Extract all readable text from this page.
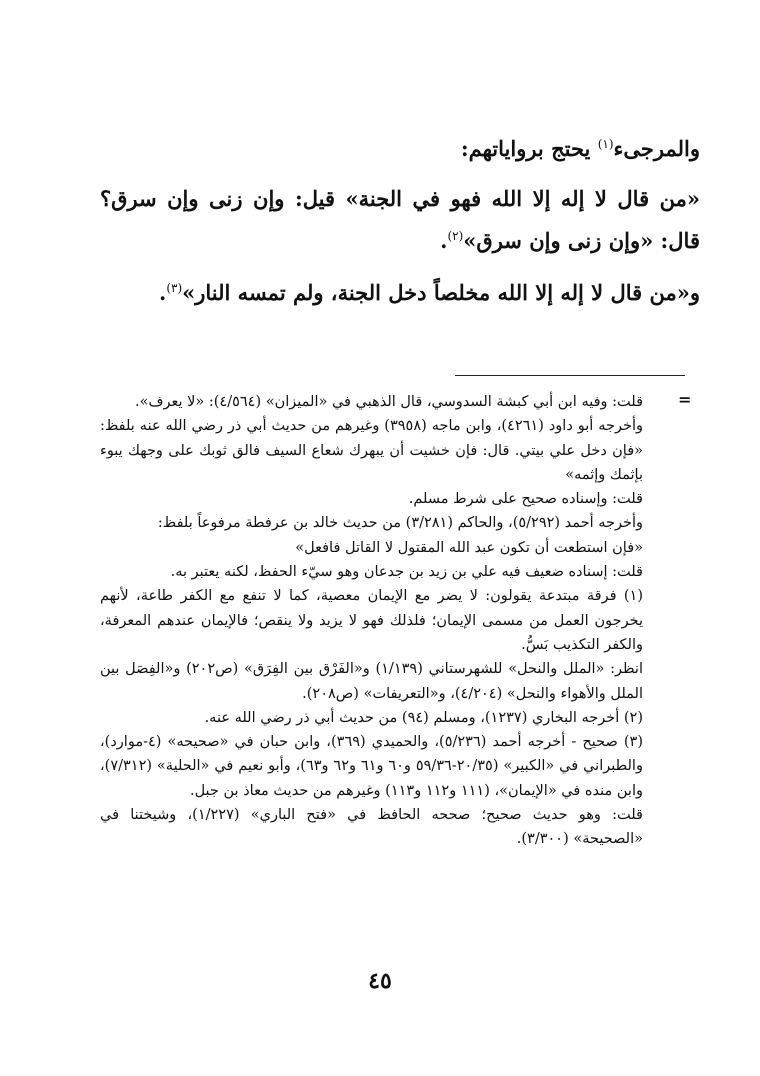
والمرجىء$^{(١)}$ يحتج برواياتهم:

«من قال لا إله إلا الله فهو في الجنة» قيل: وإن زنى وإن سرق؟ قال: «وإن زنى وإن سرق»$^{(٢)}$.

و«من قال لا إله إلا الله مخلصاً دخل الجنة، ولم تمسه النار»$^{(٣)}$.

=

قلت: وفيه ابن أبي كبشة السدوسي، قال الذهبي في «الميزان» (٤/٥٦٤): «لا يعرف».

وأخرجه أبو داود (٤٢٦١)، وابن ماجه (٣٩٥٨) وغيرهم من حديث أبي ذر رضي الله عنه بلفظ: «فإن دخل علي بيتي. قال: فإن خشيت أن يبهرك شعاع السيف فالق ثوبك على وجهك يبوء بإثمك وإثمه»

قلت: وإسناده صحيح على شرط مسلم.

وأخرجه أحمد (٥/٢٩٢)، والحاكم (٣/٢٨١) من حديث خالد بن عرفطة مرفوعاً بلفظ:

«فإن استطعت أن تكون عبد الله المقتول لا القاتل فافعل»

قلت: إسناده ضعيف فيه علي بن زيد بن جدعان وهو سيّء الحفظ، لكنه يعتبر به.

(١) فرقة مبتدعة يقولون: لا يضر مع الإيمان معصية، كما لا تنفع مع الكفر طاعة، لأنهم يخرجون العمل من مسمى الإيمان؛ فلذلك فهو لا يزيد ولا ينقص؛ فالإيمان عندهم المعرفة، والكفر التكذيب بَسُّ.

انظر: «الملل والنحل» للشهرستاني (١/١٣٩) و«الفَرْق بين الفِرَق» (ص٢٠٢) و«الفِصَل بين الملل والأهواء والنحل» (٤/٢٠٤)، و«التعريفات» (ص٢٠٨).

(٢) أخرجه البخاري (١٢٣٧)، ومسلم (٩٤) من حديث أبي ذر رضي الله عنه.

(٣) صحيح - أخرجه أحمد (٥/٢٣٦)، والحميدي (٣٦٩)، وابن حبان في «صحيحه» (٤-موارد)، والطبراني في «الكبير» (٢٠/٣٥-٥٩/٣٦ و٦٠ و٦١ و٦٢ و٦٣)، وأبو نعيم في «الحلية» (٧/٣١٢)، وابن منده في «الإيمان»، (١١١ و١١٢ و١١٣) وغيرهم من حديث معاذ بن جبل.

قلت: وهو حديث صحيح؛ صححه الحافظ في «فتح الباري» (١/٢٢٧)، وشيختنا في «الصحيحة» (٣/٣٠٠).

٤٥
